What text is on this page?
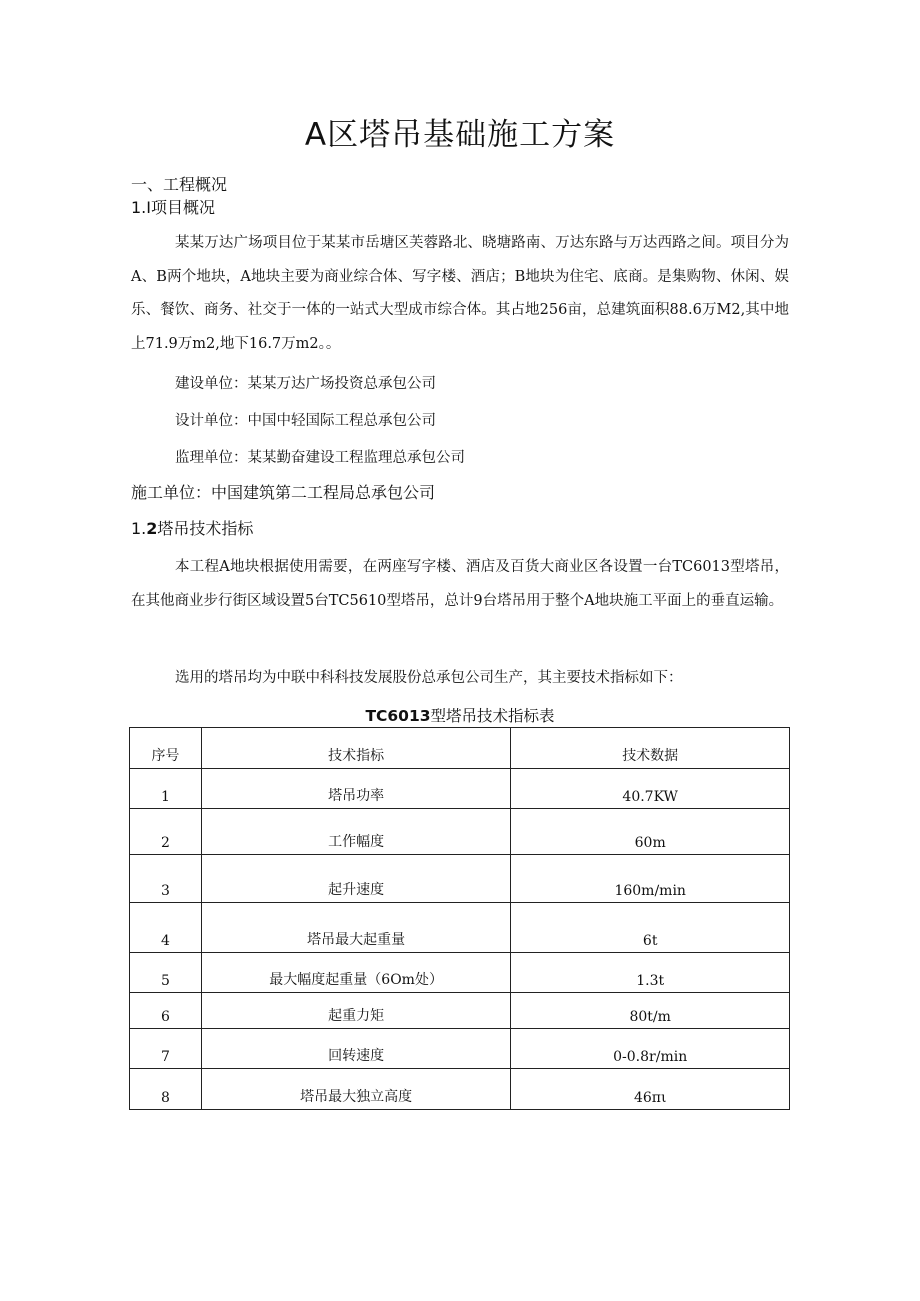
A区塔吊基础施工方案
一、工程概况
1.I项目概况

某某万达广场项目位于某某市岳塘区芙蓉路北、晓塘路南、万达东路与万达西路之间。项目分为A、B两个地块，A地块主要为商业综合体、写字楼、酒店；B地块为住宅、底商。是集购物、休闲、娱乐、餐饮、商务、社交于一体的一站式大型成市综合体。其占地256亩，总建筑面积88.6万M2,其中地上71.9万m2,地下16.7万m2。。

建设单位：某某万达广场投资总承包公司
设计单位：中国中轻国际工程总承包公司
监理单位：某某勤奋建设工程监理总承包公司
施工单位：中国建筑第二工程局总承包公司
1.2塔吊技术指标

本工程A地块根据使用需要，在两座写字楼、酒店及百货大商业区各设置一台TC6013型塔吊，在其他商业步行街区域设置5台TC5610型塔吊，总计9台塔吊用于整个A地块施工平面上的垂直运输。

选用的塔吊均为中联中科科技发展股份总承包公司生产，其主要技术指标如下：
TC6013型塔吊技术指标表
序号	技术指标	技术数据
1	塔吊功率	40.7KW
2	工作幅度	60m
3	起升速度	160m∕min
4	塔吊最大起重量	6t
5	最大幅度起重量（6Om处）	1.3t
6	起重力矩	80t∕m
7	回转速度	0-0.8r∕min
8	塔吊最大独立高度	46πι
